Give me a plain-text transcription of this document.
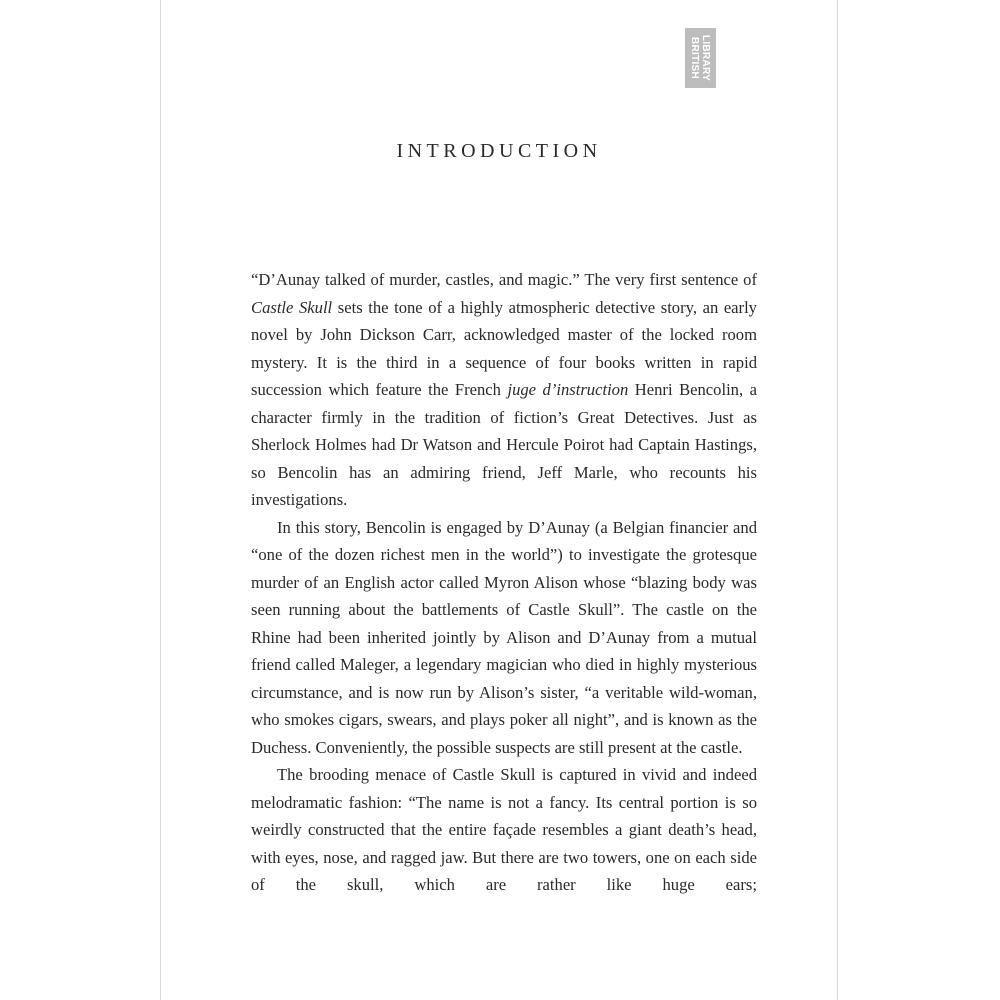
LIBRARY
BRITISH
INTRODUCTION

“D’Aunay talked of murder, castles, and magic.” The very first sentence of Castle Skull sets the tone of a highly atmospheric detective story, an early novel by John Dickson Carr, acknowledged master of the locked room mystery. It is the third in a sequence of four books written in rapid succession which feature the French juge d’instruction Henri Bencolin, a character firmly in the tradition of fiction’s Great Detectives. Just as Sherlock Holmes had Dr Watson and Hercule Poirot had Captain Hastings, so Bencolin has an admiring friend, Jeff Marle, who recounts his investigations.

In this story, Bencolin is engaged by D’Aunay (a Belgian financier and “one of the dozen richest men in the world”) to investigate the grotesque murder of an English actor called Myron Alison whose “blazing body was seen running about the battlements of Castle Skull”. The castle on the Rhine had been inherited jointly by Alison and D’Aunay from a mutual friend called Maleger, a legendary magician who died in highly mysterious circumstance, and is now run by Alison’s sister, “a veritable wild-woman, who smokes cigars, swears, and plays poker all night”, and is known as the Duchess. Conveniently, the possible suspects are still present at the castle.

The brooding menace of Castle Skull is captured in vivid and indeed melodramatic fashion: “The name is not a fancy. Its central portion is so weirdly constructed that the entire façade resembles a giant death’s head, with eyes, nose, and ragged jaw. But there are two towers, one on each side of the skull, which are rather like huge ears;
